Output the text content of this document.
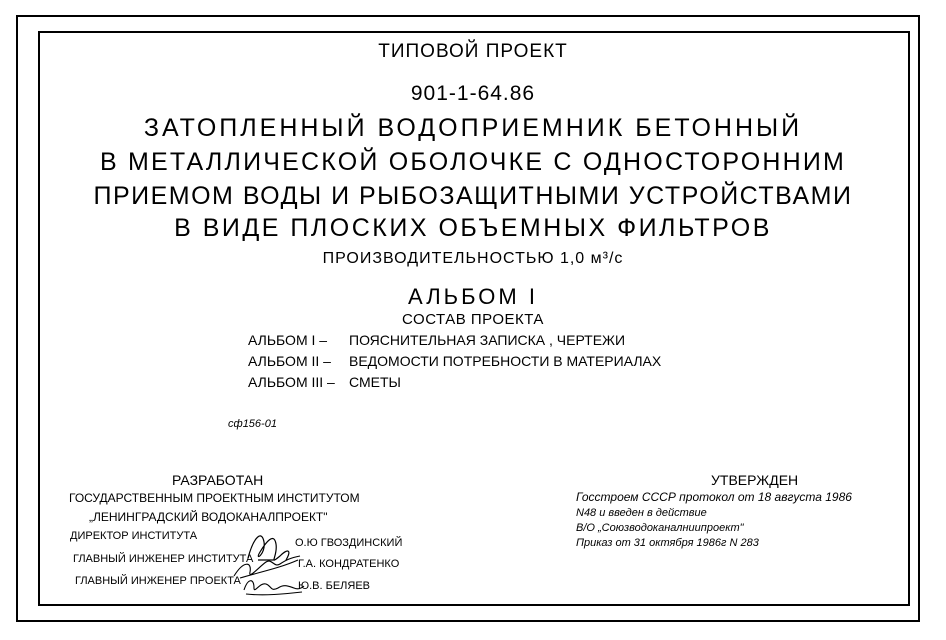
ТИПОВОЙ ПРОЕКТ
901-1-64.86
ЗАТОПЛЕННЫЙ ВОДОПРИЕМНИК БЕТОННЫЙ
В МЕТАЛЛИЧЕСКОЙ ОБОЛОЧКЕ С ОДНОСТОРОННИМ
ПРИЕМОМ ВОДЫ И РЫБОЗАЩИТНЫМИ УСТРОЙСТВАМИ
В ВИДЕ ПЛОСКИХ ОБЪЕМНЫХ ФИЛЬТРОВ
ПРОИЗВОДИТЕЛЬНОСТЬЮ 1,0 м³/с
АЛЬБОМ I
СОСТАВ ПРОЕКТА
АЛЬБОМ I – ПОЯСНИТЕЛЬНАЯ ЗАПИСКА , ЧЕРТЕЖИ
АЛЬБОМ II – ВЕДОМОСТИ ПОТРЕБНОСТИ В МАТЕРИАЛАХ
АЛЬБОМ III – СМЕТЫ
сф156-01
РАЗРАБОТАН
ГОСУДАРСТВЕННЫМ ПРОЕКТНЫМ ИНСТИТУТОМ
„ЛЕНИНГРАДСКИЙ ВОДОКАНАЛПРОЕКТ"
ДИРЕКТОР ИНСТИТУТА
О.Ю ГВОЗДИНСКИЙ
ГЛАВНЫЙ ИНЖЕНЕР ИНСТИТУТА	Г.А. КОНДРАТЕНКО
ГЛАВНЫЙ ИНЖЕНЕР ПРОЕКТА	Ю.В. БЕЛЯЕВ
УТВЕРЖДЕН
Госстроем СССР протокол от 18 августа 1986
N48 и введен в действие
В/О „Союзводоканалниипроект"
Приказ от 31 октября 1986г N 283
